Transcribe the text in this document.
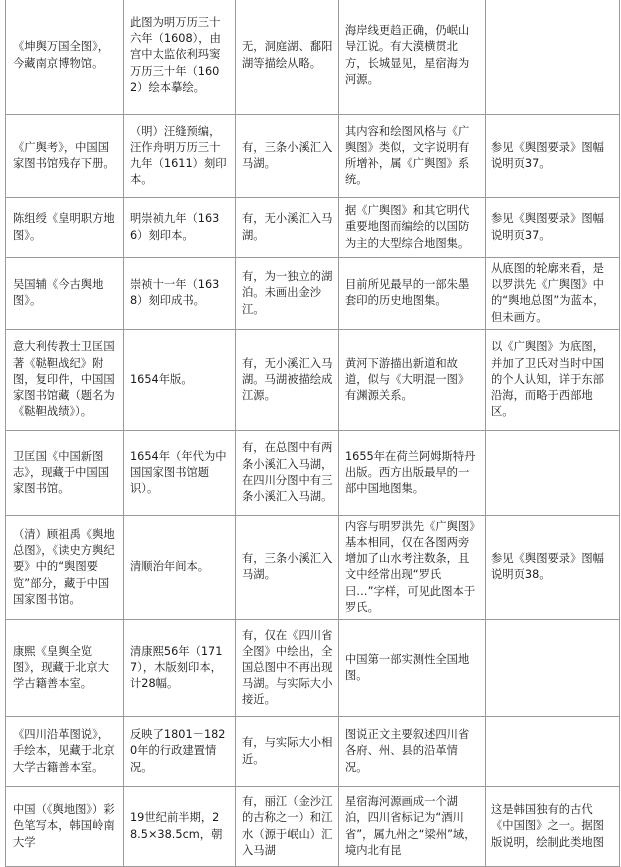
《坤舆万国全图》，今藏南京博物馆。	此图为明万历三十六年（1608），由宫中太监依利玛窦万历三十年（1602）绘本摹绘。	无，洞庭湖、鄱阳湖等描绘从略。	海岸线更趋正确，仍岷山导江说。有大漠横贯北方，长城显见，星宿海为河源。	
《广舆考》，中国国家图书馆残存下册。	（明）汪缝预编，汪作舟明万历三十九年（1611）刻印本。	有，三条小溪汇入马湖。	其内容和绘图风格与《广舆图》类似，文字说明有所增补，属《广舆图》系统。	参见《舆图要录》图幅说明页37。
陈组绶《皇明职方地图》。	明崇祯九年（1636）刻印本。	有，无小溪汇入马湖。	据《广舆图》和其它明代重要地图而编绘的以国防为主的大型综合地图集。	参见《舆图要录》图幅说明页37。
吴国辅《今古舆地图》。	崇祯十一年（1638）刻印成书。	有，为一独立的湖泊。未画出金沙江。	目前所见最早的一部朱墨套印的历史地图集。	从底图的轮廓来看，是以罗洪先《广舆图》中的“舆地总图”为蓝本，但未画方。
意大利传教士卫匡国著《鞑靼战纪》附图，复印件，中国国家图书馆藏（题名为《鞑靼战绩》）。	1654年版。	有，无小溪汇入马湖。马湖被描绘成江源。	黄河下游描出新道和故道，似与《大明混一图》有渊源关系。	以《广舆图》为底图，并加了卫氏对当时中国的个人认知，详于东部沿海，而略于西部地区。
卫匡国《中国新图志》，现藏于中国国家图书馆。	1654年（年代为中国国家图书馆题识）。	有，在总图中有两条小溪汇入马湖，在四川分图中有三条小溪汇入马湖。	1655年在荷兰阿姆斯特丹出版。西方出版最早的一部中国地图集。	
（清）顾祖禹《舆地总图》，《读史方舆纪要》中的“舆图要览”部分，藏于中国国家图书馆。	清顺治年间本。	有，三条小溪汇入马湖。	内容与明罗洪先《广舆图》基本相同，仅在各图两旁增加了山水考注数条，且文中经常出现“罗氏曰…”字样，可见此图本于罗氏。	参见《舆图要录》图幅说明页38。
康熙《皇舆全览图》，现藏于北京大学古籍善本室。	清康熙56年（1717），木版刻印本，计28幅。	有，仅在《四川省全图》中绘出，全国总图中不再出现马湖。与实际大小接近。	中国第一部实测性全国地图。	
《四川沿革图说》，手绘本，见藏于北京大学古籍善本室。	反映了1801－1820年的行政建置情况。	有，与实际大小相近。	图说正文主要叙述四川省各府、州、县的沿革情况。	
中国（《舆地图》）彩色笔写本，韩国岭南大学	19世纪前半期，28.5×38.5cm，朝	有，丽江（金沙江的古称之一）和江水（源于岷山）汇入马湖	星宿海河源画成一个湖泊，四川省标记为“酒川省”，属九州之“梁州”域，境内北有昆	这是韩国独有的古代《中国图》之一。据图版说明，绘制此类地图
